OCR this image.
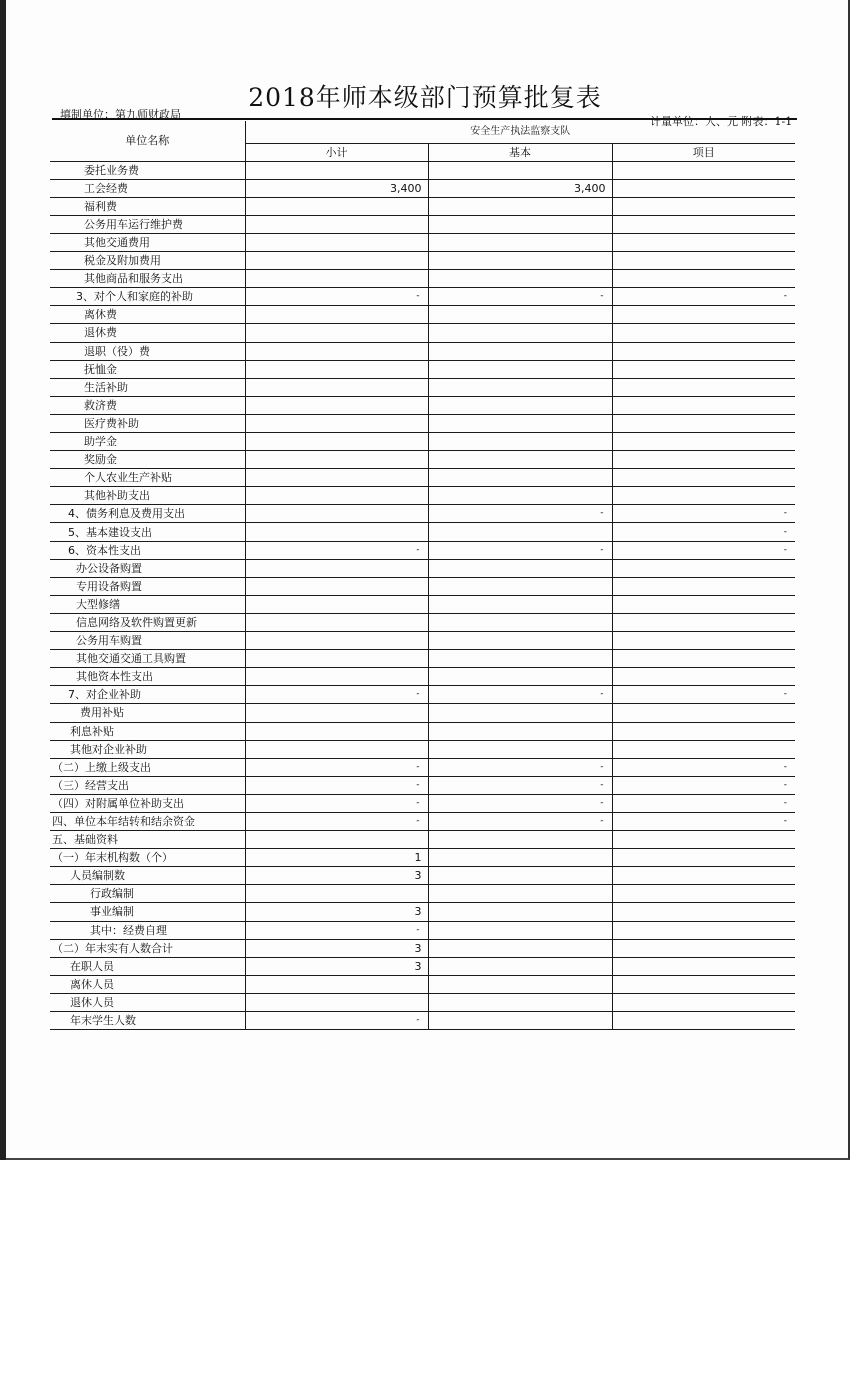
2018年师本级部门预算批复表
填制单位：第九师财政局
计量单位：人、元 附表：1-1
单位名称	安全生产执法监察支队		
	小计	基本	项目
委托业务费			
工会经费	3,400	3,400	
福利费			
公务用车运行维护费			
其他交通费用			
税金及附加费用			
其他商品和服务支出			
3、对个人和家庭的补助	-	-	-
离休费			
退休费			
退职（役）费			
抚恤金			
生活补助			
救济费			
医疗费补助			
助学金			
奖励金			
个人农业生产补贴			
其他补助支出			
4、债务利息及费用支出		-	-
5、基本建设支出			-
6、资本性支出	-	-	-
办公设备购置			
专用设备购置			
大型修缮			
信息网络及软件购置更新			
公务用车购置			
其他交通交通工具购置			
其他资本性支出			
7、对企业补助	-	-	-
费用补贴			
利息补贴			
其他对企业补助			
（二）上缴上级支出	-	-	-
（三）经营支出	-	-	-
（四）对附属单位补助支出	-	-	-
四、单位本年结转和结余资金	-	-	-
五、基础资料			
（一）年末机构数（个）	1		
人员编制数	3		
行政编制			
事业编制	3		
其中：经费自理	-		
（二）年末实有人数合计	3		
在职人员	3		
离休人员			
退休人员			
年末学生人数	-		
